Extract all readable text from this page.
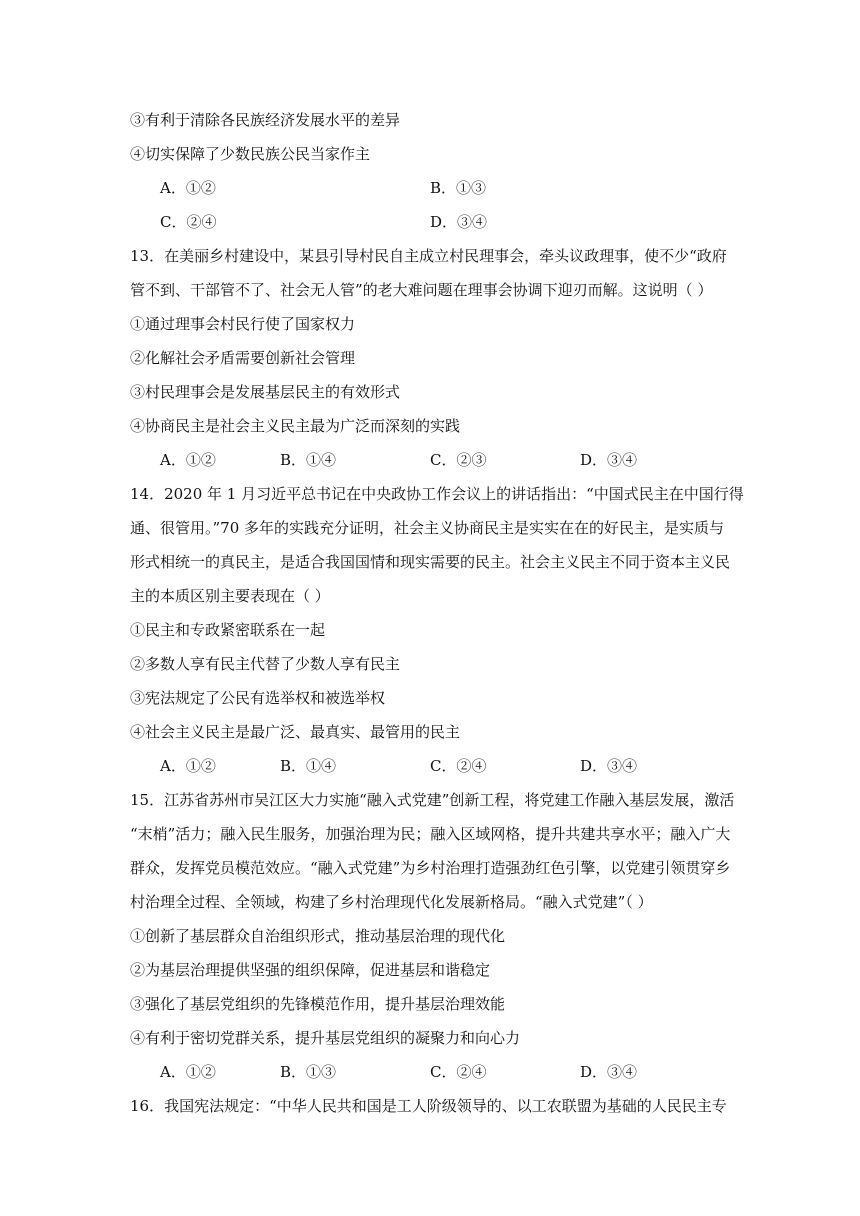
③有利于清除各民族经济发展水平的差异
④切实保障了少数民族公民当家作主
A．①②	B．①③
C．②④	D．③④
13．在美丽乡村建设中，某县引导村民自主成立村民理事会，牵头议政理事，使不少“政府
管不到、干部管不了、社会无人管”的老大难问题在理事会协调下迎刃而解。这说明（ ）
①通过理事会村民行使了国家权力
②化解社会矛盾需要创新社会管理
③村民理事会是发展基层民主的有效形式
④协商民主是社会主义民主最为广泛而深刻的实践
A．①②	B．①④	C．②③	D．③④
14．2020 年 1 月习近平总书记在中央政协工作会议上的讲话指出：“中国式民主在中国行得
通、很管用。”70 多年的实践充分证明，社会主义协商民主是实实在在的好民主，是实质与
形式相统一的真民主，是适合我国国情和现实需要的民主。社会主义民主不同于资本主义民
主的本质区别主要表现在（ ）
①民主和专政紧密联系在一起
②多数人享有民主代替了少数人享有民主
③宪法规定了公民有选举权和被选举权
④社会主义民主是最广泛、最真实、最管用的民主
A．①②	B．①④	C．②④	D．③④
15．江苏省苏州市吴江区大力实施“融入式党建”创新工程，将党建工作融入基层发展，激活
“末梢”活力；融入民生服务，加强治理为民；融入区域网格，提升共建共享水平；融入广大
群众，发挥党员模范效应。“融入式党建”为乡村治理打造强劲红色引擎，以党建引领贯穿乡
村治理全过程、全领域，构建了乡村治理现代化发展新格局。“融入式党建”（ ）
①创新了基层群众自治组织形式，推动基层治理的现代化
②为基层治理提供坚强的组织保障，促进基层和谐稳定
③强化了基层党组织的先锋模范作用，提升基层治理效能
④有利于密切党群关系，提升基层党组织的凝聚力和向心力
A．①②	B．①③	C．②④	D．③④
16．我国宪法规定：“中华人民共和国是工人阶级领导的、以工农联盟为基础的人民民主专
